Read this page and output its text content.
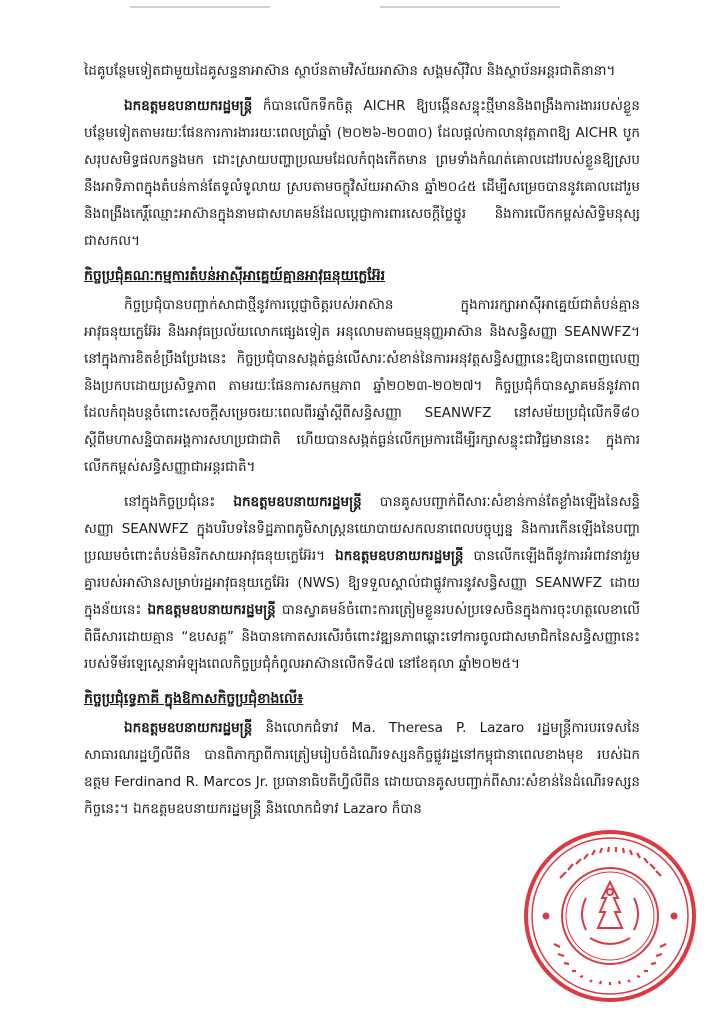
ដៃគូបន្ថែមទៀតជាមួយដៃគូសន្ទនាអាស៊ាន ស្ថាប័នតាមវិស័យអាស៊ាន សង្គមស៊ីវិល និងស្ថាប័នអន្តរជាតិនានា។

ឯកឧត្តមឧបនាយករដ្ឋមន្ត្រី ក៏បានលើកទឹកចិត្ត AICHR ឱ្យបង្កើនសន្ទុះថ្មីមាននិងពង្រឹងការងាររបស់ខ្លួនបន្ថែមទៀតតាមរយៈផែនការការងាររយៈពេលប្រាំឆ្នាំ (២០២៦-២០៣០) ដែលផ្ដល់កាលានុវត្តភាពឱ្យ AICHR បូកសរុបសមិទ្ធផលកន្លងមក ដោះស្រាយបញ្ហាប្រឈមដែលកំពុងកើតមាន ព្រមទាំងកំណត់គោលដៅរបស់ខ្លួនឱ្យស្របនឹងអាទិភាពក្នុងតំបន់កាន់តែទូលំទូលាយ ស្របតាមចក្ខុវិស័យអាស៊ាន ឆ្នាំ២០៤៥ ដើម្បីសម្រេចបាននូវគោលដៅរួម និងពង្រឹងកេរ្តិ៍ឈ្មោះអាស៊ានក្នុងនាមជាសហគមន៍ដែលប្ដេជ្ញាការពារសេចក្ដីថ្លៃថ្នូរ និងការលើកកម្ពស់សិទ្ធិមនុស្សជាសកល។

កិច្ចប្រជុំគណៈកម្មការតំបន់អាស៊ីអាគ្នេយ៍គ្មានអាវុធនុយក្លេអ៊ែរ

កិច្ចប្រជុំបានបញ្ជាក់សាជាថ្មីនូវការប្ដេជ្ញាចិត្តរបស់អាស៊ាន ក្នុងការរក្សាអាស៊ីអាគ្នេយ៍ជាតំបន់គ្មានអាវុធនុយក្លេអ៊ែរ និងអាវុធប្រល័យលោកផ្សេងទៀត អនុលោមតាមធម្មនុញ្ញអាស៊ាន និងសន្ធិសញ្ញា SEANWFZ។ នៅក្នុងការខិតខំប្រឹងប្រែងនេះ កិច្ចប្រជុំបានសង្កត់ធ្ងន់លើសារៈសំខាន់នៃការអនុវត្តសន្ធិសញ្ញានេះឱ្យបានពេញលេញ និងប្រកបដោយប្រសិទ្ធភាព តាមរយៈផែនការសកម្មភាព ឆ្នាំ២០២៣-២០២៧។ កិច្ចប្រជុំក៏បានស្វាគមន៍នូវភាពដែលកំពុងបន្តចំពោះសេចក្ដីសម្រេចរយៈពេលពីរឆ្នាំស្ដីពីសន្ធិសញ្ញា SEANWFZ នៅសម័យប្រជុំលើកទី៨០ ស្ដីពីមហាសន្និបាតអង្គការសហប្រជាជាតិ ហើយបានសង្កត់ធ្ងន់លើកម្រការដើម្បីរក្សាសន្ទុះជាវិជ្ជមាននេះ ក្នុងការលើកកម្ពស់សន្ធិសញ្ញាជាអន្តរជាតិ។

នៅក្នុងកិច្ចប្រជុំនេះ ឯកឧត្តមឧបនាយករដ្ឋមន្ត្រី បានគូសបញ្ជាក់ពីសារៈសំខាន់កាន់តែខ្លាំងឡើងនៃសន្ធិសញ្ញា SEANWFZ ក្នុងបរិបទនៃទិដ្ឋភាពភូមិសាស្ត្រនយោបាយសកលនាពេលបច្ចុប្បន្ន និងការកើនឡើងនៃបញ្ហាប្រឈមចំពោះតំបន់មិនរីកសាយអាវុធនុយក្លេអ៊ែរ។ ឯកឧត្តមឧបនាយករដ្ឋមន្ត្រី បានលើកឡើងពីនូវការអំពាវនាវរួមគ្នារបស់អាស៊ានសម្រាប់រដ្ឋអាវុធនុយក្លេអ៊ែរ (NWS) ឱ្យទទួលស្គាល់ជាផ្លូវការនូវសន្ធិសញ្ញា SEANWFZ ដោយក្នុងន័យនេះ ឯកឧត្តមឧបនាយករដ្ឋមន្ត្រី បានស្វាគមន៍ចំពោះការត្រៀមខ្លួនរបស់ប្រទេសចិនក្នុងការចុះហត្ថលេខាលើពិធីសារដោយគ្មាន “ឧបសគ្គ” និងបានកោតសរសើរចំពោះវឌ្ឍនភាពឆ្ពោះទៅការចូលជាសមាជិកនៃសន្ធិសញ្ញានេះ របស់ទីម័រឡេស្តេនាអំឡុងពេលកិច្ចប្រជុំកំពូលអាស៊ានលើកទី៤៧ នៅខែតុលា ឆ្នាំ២០២៥។

កិច្ចប្រជុំទ្វេភាគី ក្នុងឱកាសកិច្ចប្រជុំខាងលើ៖

ឯកឧត្តមឧបនាយករដ្ឋមន្ត្រី និងលោកជំទាវ Ma. Theresa P. Lazaro រដ្ឋមន្ត្រីការបរទេសនៃសាធារណរដ្ឋហ្វីលីពីន បានពិភាក្សាពីការត្រៀមរៀបចំដំណើរទស្សនកិច្ចផ្លូវរដ្ឋនៅកម្ពុជានាពេលខាងមុខ របស់ឯកឧត្តម Ferdinand R. Marcos Jr. ប្រធានាធិបតីហ្វីលីពីន ដោយបានគូសបញ្ជាក់ពីសារៈសំខាន់នៃដំណើរទស្សនកិច្ចនេះ។ ឯកឧត្តមឧបនាយករដ្ឋមន្ត្រី និងលោកជំទាវ Lazaro ក៏បាន
